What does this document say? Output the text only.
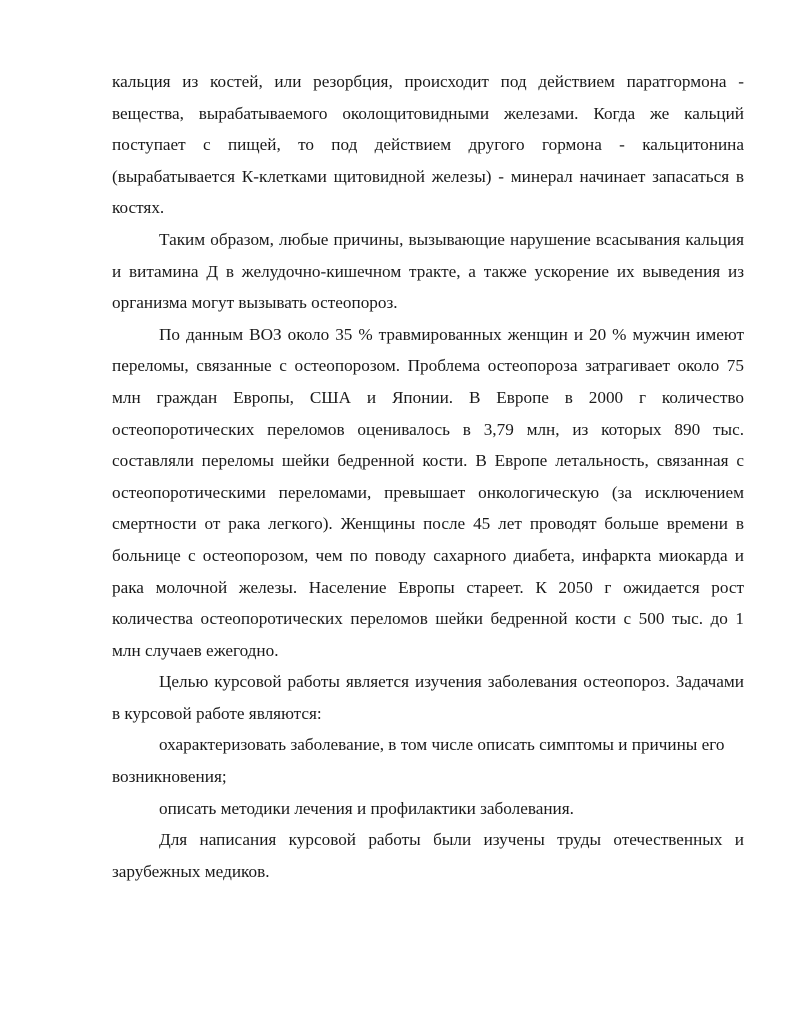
кальция из костей, или резорбция, происходит под действием паратгормона - вещества, вырабатываемого околощитовидными железами. Когда же кальций поступает с пищей, то под действием другого гормона - кальцитонина (вырабатывается К-клетками щитовидной железы) - минерал начинает запасаться в костях.

Таким образом, любые причины, вызывающие нарушение всасывания кальция и витамина Д в желудочно-кишечном тракте, а также ускорение их выведения из организма могут вызывать остеопороз.

По данным ВОЗ около 35 % травмированных женщин и 20 % мужчин имеют переломы, связанные с остеопорозом. Проблема остеопороза затрагивает около 75 млн граждан Европы, США и Японии. В Европе в 2000 г количество остеопоротических переломов оценивалось в 3,79 млн, из которых 890 тыс. составляли переломы шейки бедренной кости. В Европе летальность, связанная с остеопоротическими переломами, превышает онкологическую (за исключением смертности от рака легкого). Женщины после 45 лет проводят больше времени в больнице с остеопорозом, чем по поводу сахарного диабета, инфаркта миокарда и рака молочной железы. Население Европы стареет. К 2050 г ожидается рост количества остеопоротических переломов шейки бедренной кости с 500 тыс. до 1 млн случаев ежегодно.

Целью курсовой работы является изучения заболевания остеопороз. Задачами в курсовой работе являются:

охарактеризовать заболевание, в том числе описать симптомы и причины его возникновения;

описать методики лечения и профилактики заболевания.

Для написания курсовой работы были изучены труды отечественных и зарубежных медиков.
